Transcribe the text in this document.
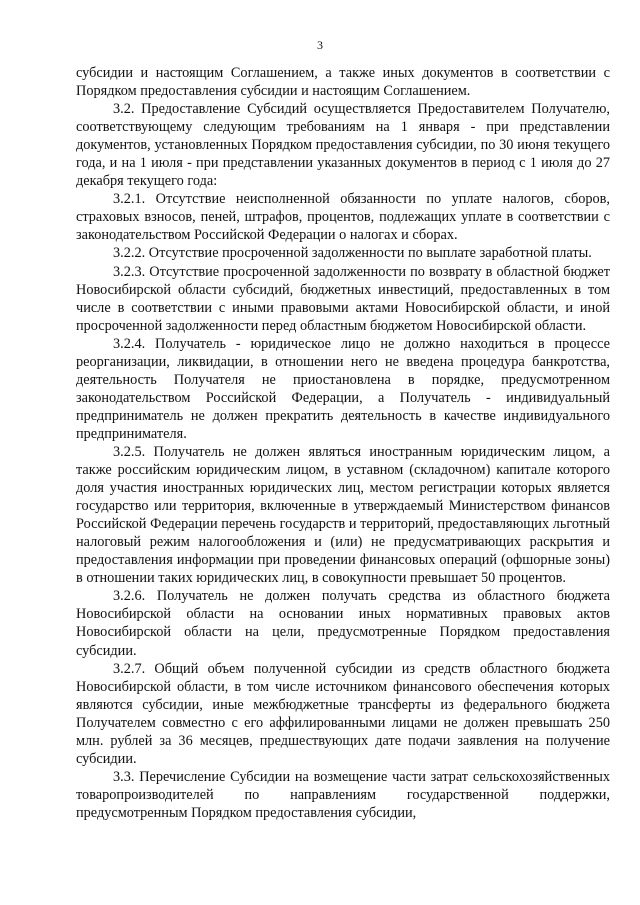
3

субсидии и настоящим Соглашением, а также иных документов в соответствии с Порядком предоставления субсидии и настоящим Соглашением.

3.2. Предоставление Субсидий осуществляется Предоставителем Получателю, соответствующему следующим требованиям на 1 января - при представлении документов, установленных Порядком предоставления субсидии, по 30 июня текущего года, и на 1 июля - при представлении указанных документов в период с 1 июля до 27 декабря текущего года:

3.2.1. Отсутствие неисполненной обязанности по уплате налогов, сборов, страховых взносов, пеней, штрафов, процентов, подлежащих уплате в соответствии с законодательством Российской Федерации о налогах и сборах.

3.2.2. Отсутствие просроченной задолженности по выплате заработной платы.

3.2.3. Отсутствие просроченной задолженности по возврату в областной бюджет Новосибирской области субсидий, бюджетных инвестиций, предоставленных в том числе в соответствии с иными правовыми актами Новосибирской области, и иной просроченной задолженности перед областным бюджетом Новосибирской области.

3.2.4. Получатель - юридическое лицо не должно находиться в процессе реорганизации, ликвидации, в отношении него не введена процедура банкротства, деятельность Получателя не приостановлена в порядке, предусмотренном законодательством Российской Федерации, а Получатель - индивидуальный предприниматель не должен прекратить деятельность в качестве индивидуального предпринимателя.

3.2.5. Получатель не должен являться иностранным юридическим лицом, а также российским юридическим лицом, в уставном (складочном) капитале которого доля участия иностранных юридических лиц, местом регистрации которых является государство или территория, включенные в утверждаемый Министерством финансов Российской Федерации перечень государств и территорий, предоставляющих льготный налоговый режим налогообложения и (или) не предусматривающих раскрытия и предоставления информации при проведении финансовых операций (офшорные зоны) в отношении таких юридических лиц, в совокупности превышает 50 процентов.

3.2.6. Получатель не должен получать средства из областного бюджета Новосибирской области на основании иных нормативных правовых актов Новосибирской области на цели, предусмотренные Порядком предоставления субсидии.

3.2.7. Общий объем полученной субсидии из средств областного бюджета Новосибирской области, в том числе источником финансового обеспечения которых являются субсидии, иные межбюджетные трансферты из федерального бюджета Получателем совместно с его аффилированными лицами не должен превышать 250 млн. рублей за 36 месяцев, предшествующих дате подачи заявления на получение субсидии.

3.3. Перечисление Субсидии на возмещение части затрат сельскохозяйственных товаропроизводителей по направлениям государственной поддержки, предусмотренным Порядком предоставления субсидии,
